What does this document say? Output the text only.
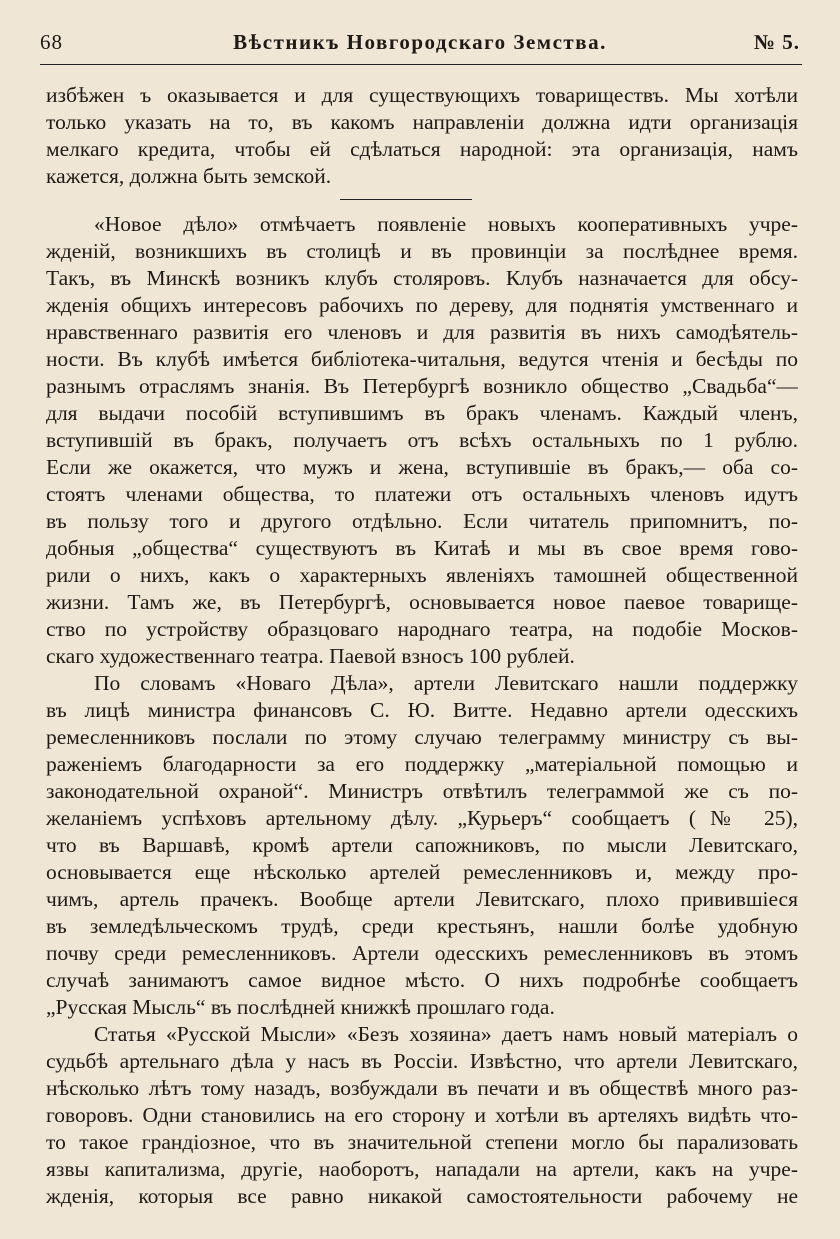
68	Вѣстникъ Новгородскаго Земства.	№ 5.
избѣжен ъ оказывается и для существующихъ товариществъ. Мы хотѣли
только указать на то, въ какомъ направленіи должна идти организація
мелкаго кредита, чтобы ей сдѣлаться народной: эта организація, намъ
кажется, должна быть земской.
«Новое дѣло» отмѣчаетъ появленіе новыхъ кооперативныхъ учре-
жденій, возникшихъ въ столицѣ и въ провинціи за послѣднее время.
Такъ, въ Минскѣ возникъ клубъ столяровъ. Клубъ назначается для обсу-
жденія общихъ интересовъ рабочихъ по дереву, для поднятія умственнаго и
нравственнаго развитія его членовъ и для развитія въ нихъ самодѣятель-
ности. Въ клубѣ имѣется библіотека-читальня, ведутся чтенія и бесѣды по
разнымъ отраслямъ знанія. Въ Петербургѣ возникло общество „Свадьба“—
для выдачи пособій вступившимъ въ бракъ членамъ. Каждый членъ,
вступившій въ бракъ, получаетъ отъ всѣхъ остальныхъ по 1 рублю.
Если же окажется, что мужъ и жена, вступившіе въ бракъ,— оба со-
стоятъ членами общества, то платежи отъ остальныхъ членовъ идутъ
въ пользу того и другого отдѣльно. Если читатель припомнитъ, по-
добныя „общества“ существуютъ въ Китаѣ и мы въ свое время гово-
рили о нихъ, какъ о характерныхъ явленіяхъ тамошней общественной
жизни. Тамъ же, въ Петербургѣ, основывается новое паевое товарище-
ство по устройству образцоваго народнаго театра, на подобіе Москов-
скаго художественнаго театра. Паевой взносъ 100 рублей.
По словамъ «Новаго Дѣла», артели Левитскаго нашли поддержку
въ лицѣ министра финансовъ С. Ю. Витте. Недавно артели одесскихъ
ремесленниковъ послали по этому случаю телеграмму министру съ вы-
раженіемъ благодарности за его поддержку „матеріальной помощью и
законодательной охраной“. Министръ отвѣтилъ телеграммой же съ по-
желаніемъ успѣховъ артельному дѣлу. „Курьеръ“ сообщаетъ (№ 25),
что въ Варшавѣ, кромѣ артели сапожниковъ, по мысли Левитскаго,
основывается еще нѣсколько артелей ремесленниковъ и, между про-
чимъ, артель прачекъ. Вообще артели Левитскаго, плохо привившіеся
въ земледѣльческомъ трудѣ, среди крестьянъ, нашли болѣе удобную
почву среди ремесленниковъ. Артели одесскихъ ремесленниковъ въ этомъ
случаѣ занимаютъ самое видное мѣсто. О нихъ подробнѣе сообщаетъ
„Русская Мысль“ въ послѣдней книжкѣ прошлаго года.
Статья «Русской Мысли» «Безъ хозяина» даетъ намъ новый матеріалъ о
судьбѣ артельнаго дѣла у насъ въ Россіи. Извѣстно, что артели Левитскаго,
нѣсколько лѣтъ тому назадъ, возбуждали въ печати и въ обществѣ много раз-
говоровъ. Одни становились на его сторону и хотѣли въ артеляхъ видѣть что-
то такое грандіозное, что въ значительной степени могло бы парализовать
язвы капитализма, другіе, наоборотъ, нападали на артели, какъ на учре-
жденія, которыя все равно никакой самостоятельности рабочему не
